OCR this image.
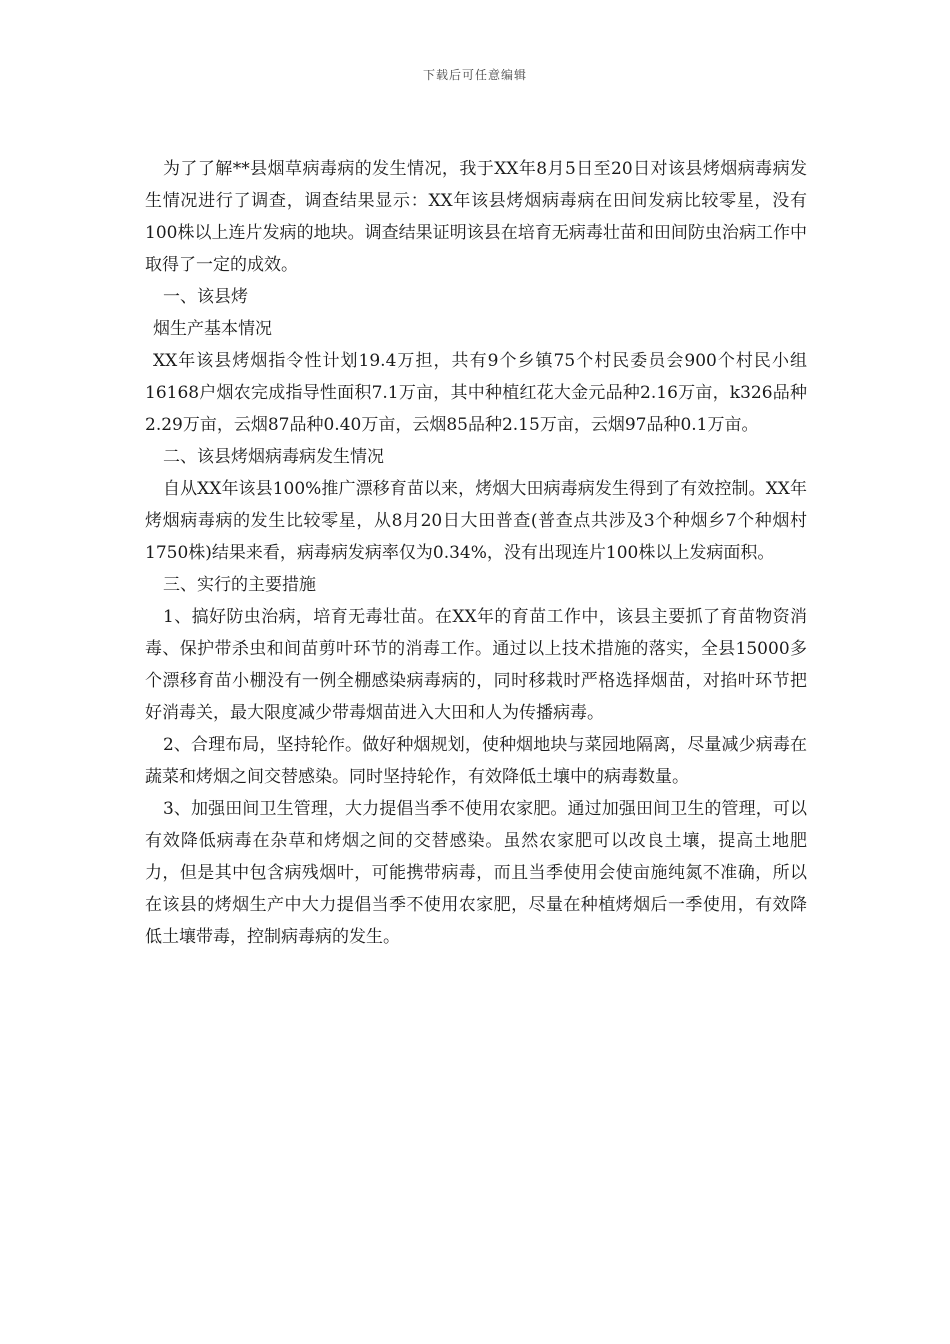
下载后可任意编辑

为了了解**县烟草病毒病的发生情况，我于XX年8月5日至20日对该县烤烟病毒病发生情况进行了调查，调查结果显示：XX年该县烤烟病毒病在田间发病比较零星，没有100株以上连片发病的地块。调查结果证明该县在培育无病毒壮苗和田间防虫治病工作中取得了一定的成效。

一、该县烤

烟生产基本情况

XX年该县烤烟指令性计划19.4万担，共有9个乡镇75个村民委员会900个村民小组16168户烟农完成指导性面积7.1万亩，其中种植红花大金元品种2.16万亩，k326品种2.29万亩，云烟87品种0.40万亩，云烟85品种2.15万亩，云烟97品种0.1万亩。

二、该县烤烟病毒病发生情况

自从XX年该县100%推广漂移育苗以来，烤烟大田病毒病发生得到了有效控制。XX年烤烟病毒病的发生比较零星，从8月20日大田普查(普查点共涉及3个种烟乡7个种烟村1750株)结果来看，病毒病发病率仅为0.34%，没有出现连片100株以上发病面积。

三、实行的主要措施

1、搞好防虫治病，培育无毒壮苗。在XX年的育苗工作中，该县主要抓了育苗物资消毒、保护带杀虫和间苗剪叶环节的消毒工作。通过以上技术措施的落实，全县15000多个漂移育苗小棚没有一例全棚感染病毒病的，同时移栽时严格选择烟苗，对掐叶环节把好消毒关，最大限度减少带毒烟苗进入大田和人为传播病毒。

2、合理布局，坚持轮作。做好种烟规划，使种烟地块与菜园地隔离，尽量减少病毒在蔬菜和烤烟之间交替感染。同时坚持轮作，有效降低土壤中的病毒数量。

3、加强田间卫生管理，大力提倡当季不使用农家肥。通过加强田间卫生的管理，可以有效降低病毒在杂草和烤烟之间的交替感染。虽然农家肥可以改良土壤，提高土地肥力，但是其中包含病残烟叶，可能携带病毒，而且当季使用会使亩施纯氮不准确，所以在该县的烤烟生产中大力提倡当季不使用农家肥，尽量在种植烤烟后一季使用，有效降低土壤带毒，控制病毒病的发生。
